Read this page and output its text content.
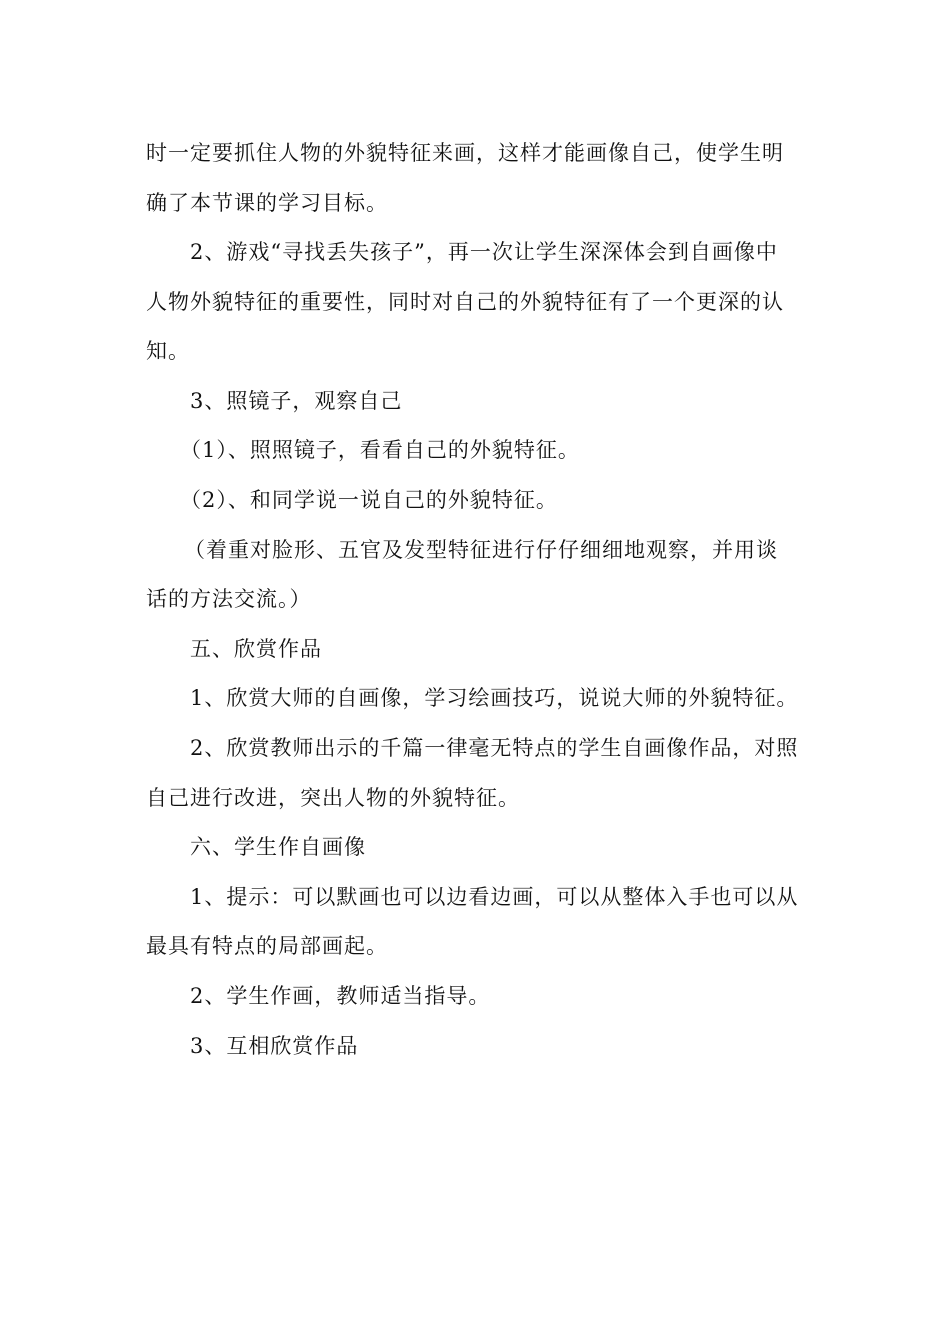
时一定要抓住人物的外貌特征来画，这样才能画像自己，使学生明
确了本节课的学习目标。
2、游戏“寻找丢失孩子”，再一次让学生深深体会到自画像中
人物外貌特征的重要性，同时对自己的外貌特征有了一个更深的认
知。
3、照镜子，观察自己
（1）、照照镜子，看看自己的外貌特征。
（2）、和同学说一说自己的外貌特征。
（着重对脸形、五官及发型特征进行仔仔细细地观察，并用谈
话的方法交流。）
五、欣赏作品
1、欣赏大师的自画像，学习绘画技巧，说说大师的外貌特征。
2、欣赏教师出示的千篇一律毫无特点的学生自画像作品，对照
自己进行改进，突出人物的外貌特征。
六、学生作自画像
1、提示：可以默画也可以边看边画，可以从整体入手也可以从
最具有特点的局部画起。
2、学生作画，教师适当指导。
3、互相欣赏作品
